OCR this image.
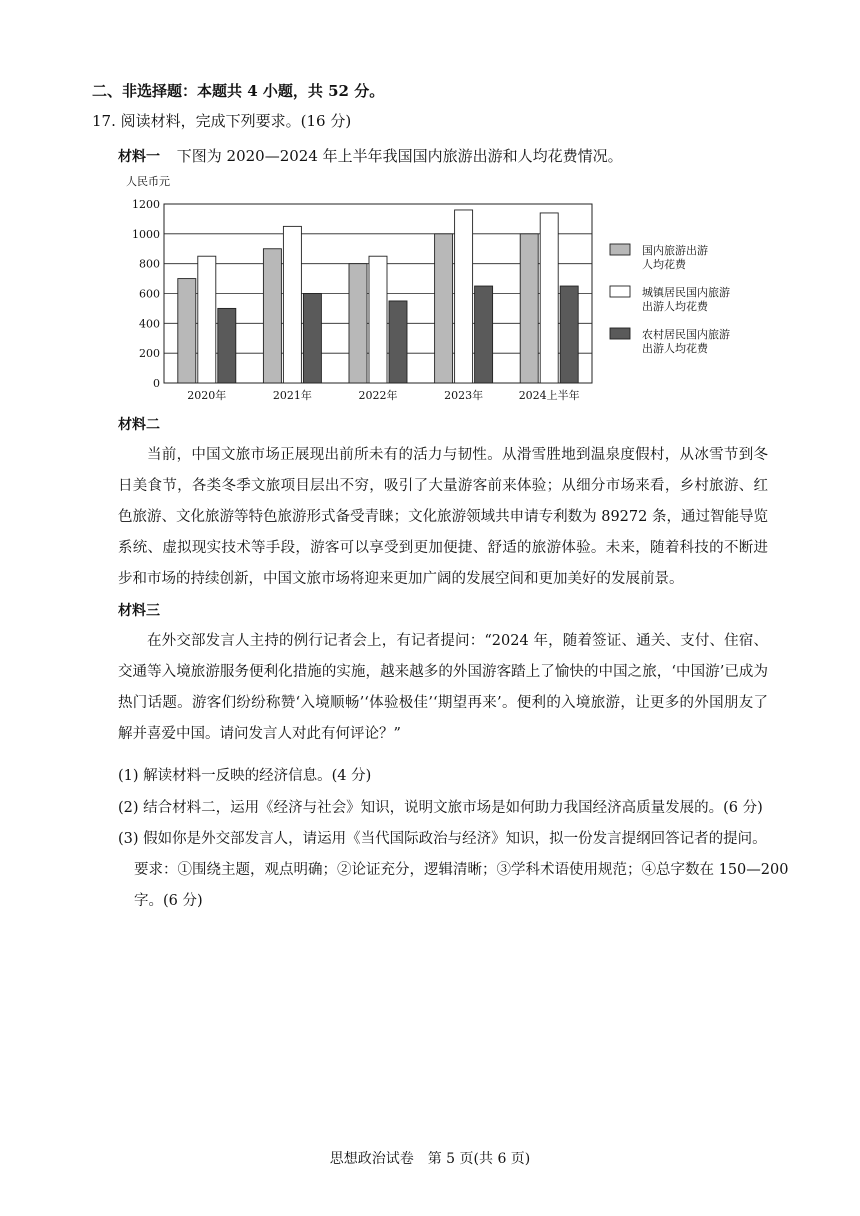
二、非选择题：本题共 4 小题，共 52 分。
17. 阅读材料，完成下列要求。(16 分)
材料一 下图为 2020—2024 年上半年我国国内旅游出游和人均花费情况。
人民币元
0
200
400
600
800
1000
1200
2020年	2021年	2022年	2023年	2024上半年
国内旅游出游
人均花费
城镇居民国内旅游
出游人均花费
农村居民国内旅游
出游人均花费
材料二
当前，中国文旅市场正展现出前所未有的活力与韧性。从滑雪胜地到温泉度假村，从冰雪节到冬日美食节，各类冬季文旅项目层出不穷，吸引了大量游客前来体验；从细分市场来看，乡村旅游、红色旅游、文化旅游等特色旅游形式备受青睐；文化旅游领域共申请专利数为 89272 条，通过智能导览系统、虚拟现实技术等手段，游客可以享受到更加便捷、舒适的旅游体验。未来，随着科技的不断进步和市场的持续创新，中国文旅市场将迎来更加广阔的发展空间和更加美好的发展前景。
材料三
在外交部发言人主持的例行记者会上，有记者提问：“2024 年，随着签证、通关、支付、住宿、交通等入境旅游服务便利化措施的实施，越来越多的外国游客踏上了愉快的中国之旅，‘中国游’已成为热门话题。游客们纷纷称赞‘入境顺畅’‘体验极佳’‘期望再来’。便利的入境旅游，让更多的外国朋友了解并喜爱中国。请问发言人对此有何评论？”
(1) 解读材料一反映的经济信息。(4 分)
(2) 结合材料二，运用《经济与社会》知识，说明文旅市场是如何助力我国经济高质量发展的。(6 分)
(3) 假如你是外交部发言人，请运用《当代国际政治与经济》知识，拟一份发言提纲回答记者的提问。
要求：①围绕主题，观点明确；②论证充分，逻辑清晰；③学科术语使用规范；④总字数在 150—200
字。(6 分)
思想政治试卷　第 5 页(共 6 页)
